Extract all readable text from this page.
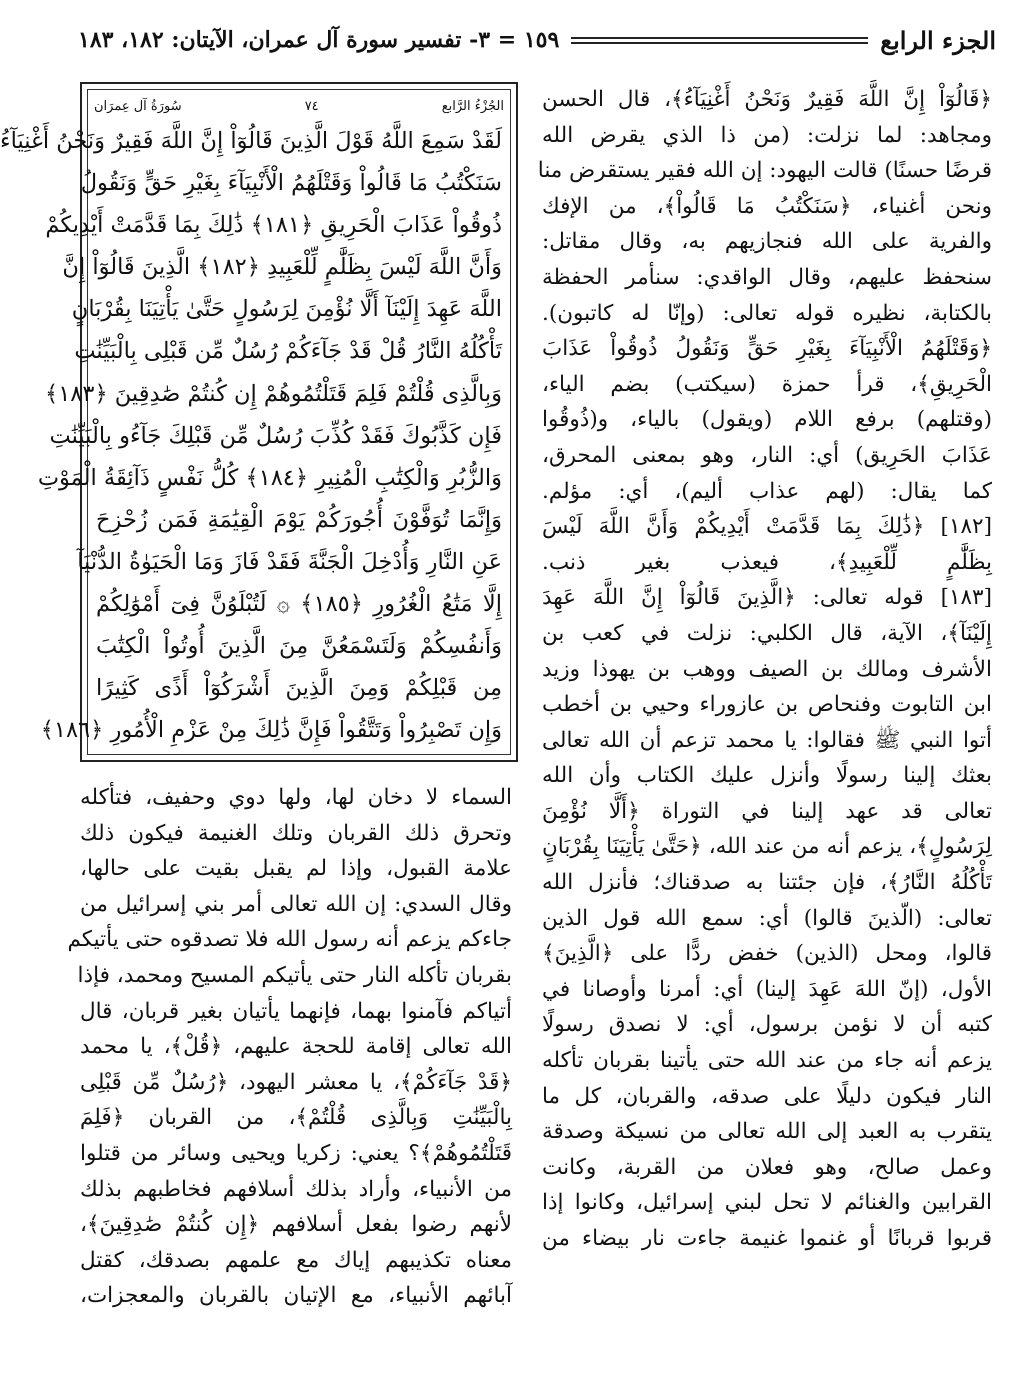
الجزء الرابع
١٥٩ = ٣- تفسير سورة آل عمران، الآيتان: ١٨٢، ١٨٣

﴿قَالُوٓاْ إِنَّ اللَّهَ فَقِيرٌ وَنَحْنُ أَغْنِيَآءُ﴾، قال الحسن

ومجاهد: لما نزلت: (من ذا الذي يقرض الله

قرضًا حسنًا) قالت اليهود: إن الله فقير يستقرض منا

ونحن أغنياء، ﴿سَنَكْتُبُ مَا قَالُواْ﴾، من الإفك

والفرية على الله فنجازيهم به، وقال مقاتل:

سنحفظ عليهم، وقال الواقدي: سنأمر الحفظة

بالكتابة، نظيره قوله تعالى: (وإنّا له كاتبون).

﴿وَقَتْلَهُمُ الْأَنْبِيَآءَ بِغَيْرِ حَقٍّ وَنَقُولُ ذُوقُواْ عَذَابَ

الْحَرِيقِ﴾، قرأ حمزة (سيكتب) بضم الياء،

(وقتلهم) برفع اللام (ويقول) بالياء، و(ذُوقُوا

عَذَابَ الحَرِيق) أي: النار، وهو بمعنى المحرق،

كما يقال: (لهم عذاب أليم)، أي: مؤلم.

[١٨٢] ﴿ذَٰلِكَ بِمَا قَدَّمَتْ أَيْدِيكُمْ وَأَنَّ اللَّهَ لَيْسَ

بِظَلَّٰمٍ لِّلْعَبِيدِ﴾، فيعذب بغير ذنب.

[١٨٣] قوله تعالى: ﴿الَّذِينَ قَالُوٓاْ إِنَّ اللَّهَ عَهِدَ

إِلَيْنَآ﴾، الآية، قال الكلبي: نزلت في كعب بن

الأشرف ومالك بن الصيف ووهب بن يهوذا وزيد

ابن التابوت وفنحاص بن عازوراء وحيي بن أخطب

أتوا النبي ﷺ فقالوا: يا محمد تزعم أن الله تعالى

بعثك إلينا رسولًا وأنزل عليك الكتاب وأن الله

تعالى قد عهد إلينا في التوراة ﴿أَلَّا نُؤْمِنَ

لِرَسُولٍ﴾، يزعم أنه من عند الله، ﴿حَتَّىٰ يَأْتِيَنَا بِقُرْبَانٍ

تَأْكُلُهُ النَّارُ﴾، فإن جئتنا به صدقناك؛ فأنزل الله

تعالى: (الّذينَ قالوا) أي: سمع الله قول الذين

قالوا، ومحل (الذين) خفض ردًّا على ﴿الَّذِينَ﴾

الأول، (إنّ اللهَ عَهِدَ إلينا) أي: أمرنا وأوصانا في

كتبه أن لا نؤمن برسول، أي: لا نصدق رسولًا

يزعم أنه جاء من عند الله حتى يأتينا بقربان تأكله

النار فيكون دليلًا على صدقه، والقربان، كل ما

يتقرب به العبد إلى الله تعالى من نسيكة وصدقة

وعمل صالح، وهو فعلان من القربة، وكانت

القرابين والغنائم لا تحل لبني إسرائيل، وكانوا إذا

قربوا قربانًا أو غنموا غنيمة جاءت نار بيضاء من

الجُزْءُ الرَّابع
٧٤
سُورَةُ آل عِمرَان

لَقَدْ سَمِعَ اللَّهُ قَوْلَ الَّذِينَ قَالُوٓاْ إِنَّ اللَّهَ فَقِيرٌ وَنَحْنُ أَغْنِيَآءُ

سَنَكْتُبُ مَا قَالُواْ وَقَتْلَهُمُ الْأَنْبِيَآءَ بِغَيْرِ حَقٍّ وَنَقُولُ

ذُوقُواْ عَذَابَ الْحَرِيقِ ﴿١٨١﴾ ذَٰلِكَ بِمَا قَدَّمَتْ أَيْدِيكُمْ

وَأَنَّ اللَّهَ لَيْسَ بِظَلَّٰمٍ لِّلْعَبِيدِ ﴿١٨٢﴾ الَّذِينَ قَالُوٓاْ إِنَّ

اللَّهَ عَهِدَ إِلَيْنَآ أَلَّا نُؤْمِنَ لِرَسُولٍ حَتَّىٰ يَأْتِيَنَا بِقُرْبَانٍ

تَأْكُلُهُ النَّارُ قُلْ قَدْ جَآءَكُمْ رُسُلٌ مِّن قَبْلِى بِالْبَيِّنَٰتِ

وَبِالَّذِى قُلْتُمْ فَلِمَ قَتَلْتُمُوهُمْ إِن كُنتُمْ صَٰدِقِينَ ﴿١٨٣﴾

فَإِن كَذَّبُوكَ فَقَدْ كُذِّبَ رُسُلٌ مِّن قَبْلِكَ جَآءُو بِالْبَيِّنَٰتِ

وَالزُّبُرِ وَالْكِتَٰبِ الْمُنِيرِ ﴿١٨٤﴾ كُلُّ نَفْسٍ ذَآئِقَةُ الْمَوْتِ

وَإِنَّمَا تُوَفَّوْنَ أُجُورَكُمْ يَوْمَ الْقِيَٰمَةِ فَمَن زُحْزِحَ

عَنِ النَّارِ وَأُدْخِلَ الْجَنَّةَ فَقَدْ فَازَ وَمَا الْحَيَوٰةُ الدُّنْيَآ

إِلَّا مَتَٰعُ الْغُرُورِ ﴿١٨٥﴾ ۞ لَتُبْلَوُنَّ فِىٓ أَمْوَٰلِكُمْ

وَأَنفُسِكُمْ وَلَتَسْمَعُنَّ مِنَ الَّذِينَ أُوتُواْ الْكِتَٰبَ

مِن قَبْلِكُمْ وَمِنَ الَّذِينَ أَشْرَكُوٓاْ أَذًى كَثِيرًا

وَإِن تَصْبِرُواْ وَتَتَّقُواْ فَإِنَّ ذَٰلِكَ مِنْ عَزْمِ الْأُمُورِ ﴿١٨٦﴾

السماء لا دخان لها، ولها دوي وحفيف، فتأكله

وتحرق ذلك القربان وتلك الغنيمة فيكون ذلك

علامة القبول، وإذا لم يقبل بقيت على حالها،

وقال السدي: إن الله تعالى أمر بني إسرائيل من

جاءكم يزعم أنه رسول الله فلا تصدقوه حتى يأتيكم

بقربان تأكله النار حتى يأتيكم المسيح ومحمد، فإذا

أتياكم فآمنوا بهما، فإنهما يأتيان بغير قربان، قال

الله تعالى إقامة للحجة عليهم، ﴿قُلْ﴾، يا محمد

﴿قَدْ جَآءَكُمْ﴾، يا معشر اليهود، ﴿رُسُلٌ مِّن قَبْلِى

بِالْبَيِّنَٰتِ وَبِالَّذِى قُلْتُمْ﴾، من القربان ﴿فَلِمَ

قَتَلْتُمُوهُمْ﴾؟ يعني: زكريا ويحيى وسائر من قتلوا

من الأنبياء، وأراد بذلك أسلافهم فخاطبهم بذلك

لأنهم رضوا بفعل أسلافهم ﴿إِن كُنتُمْ صَٰدِقِينَ﴾،

معناه تكذيبهم إياك مع علمهم بصدقك، كقتل

آبائهم الأنبياء، مع الإتيان بالقربان والمعجزات،
